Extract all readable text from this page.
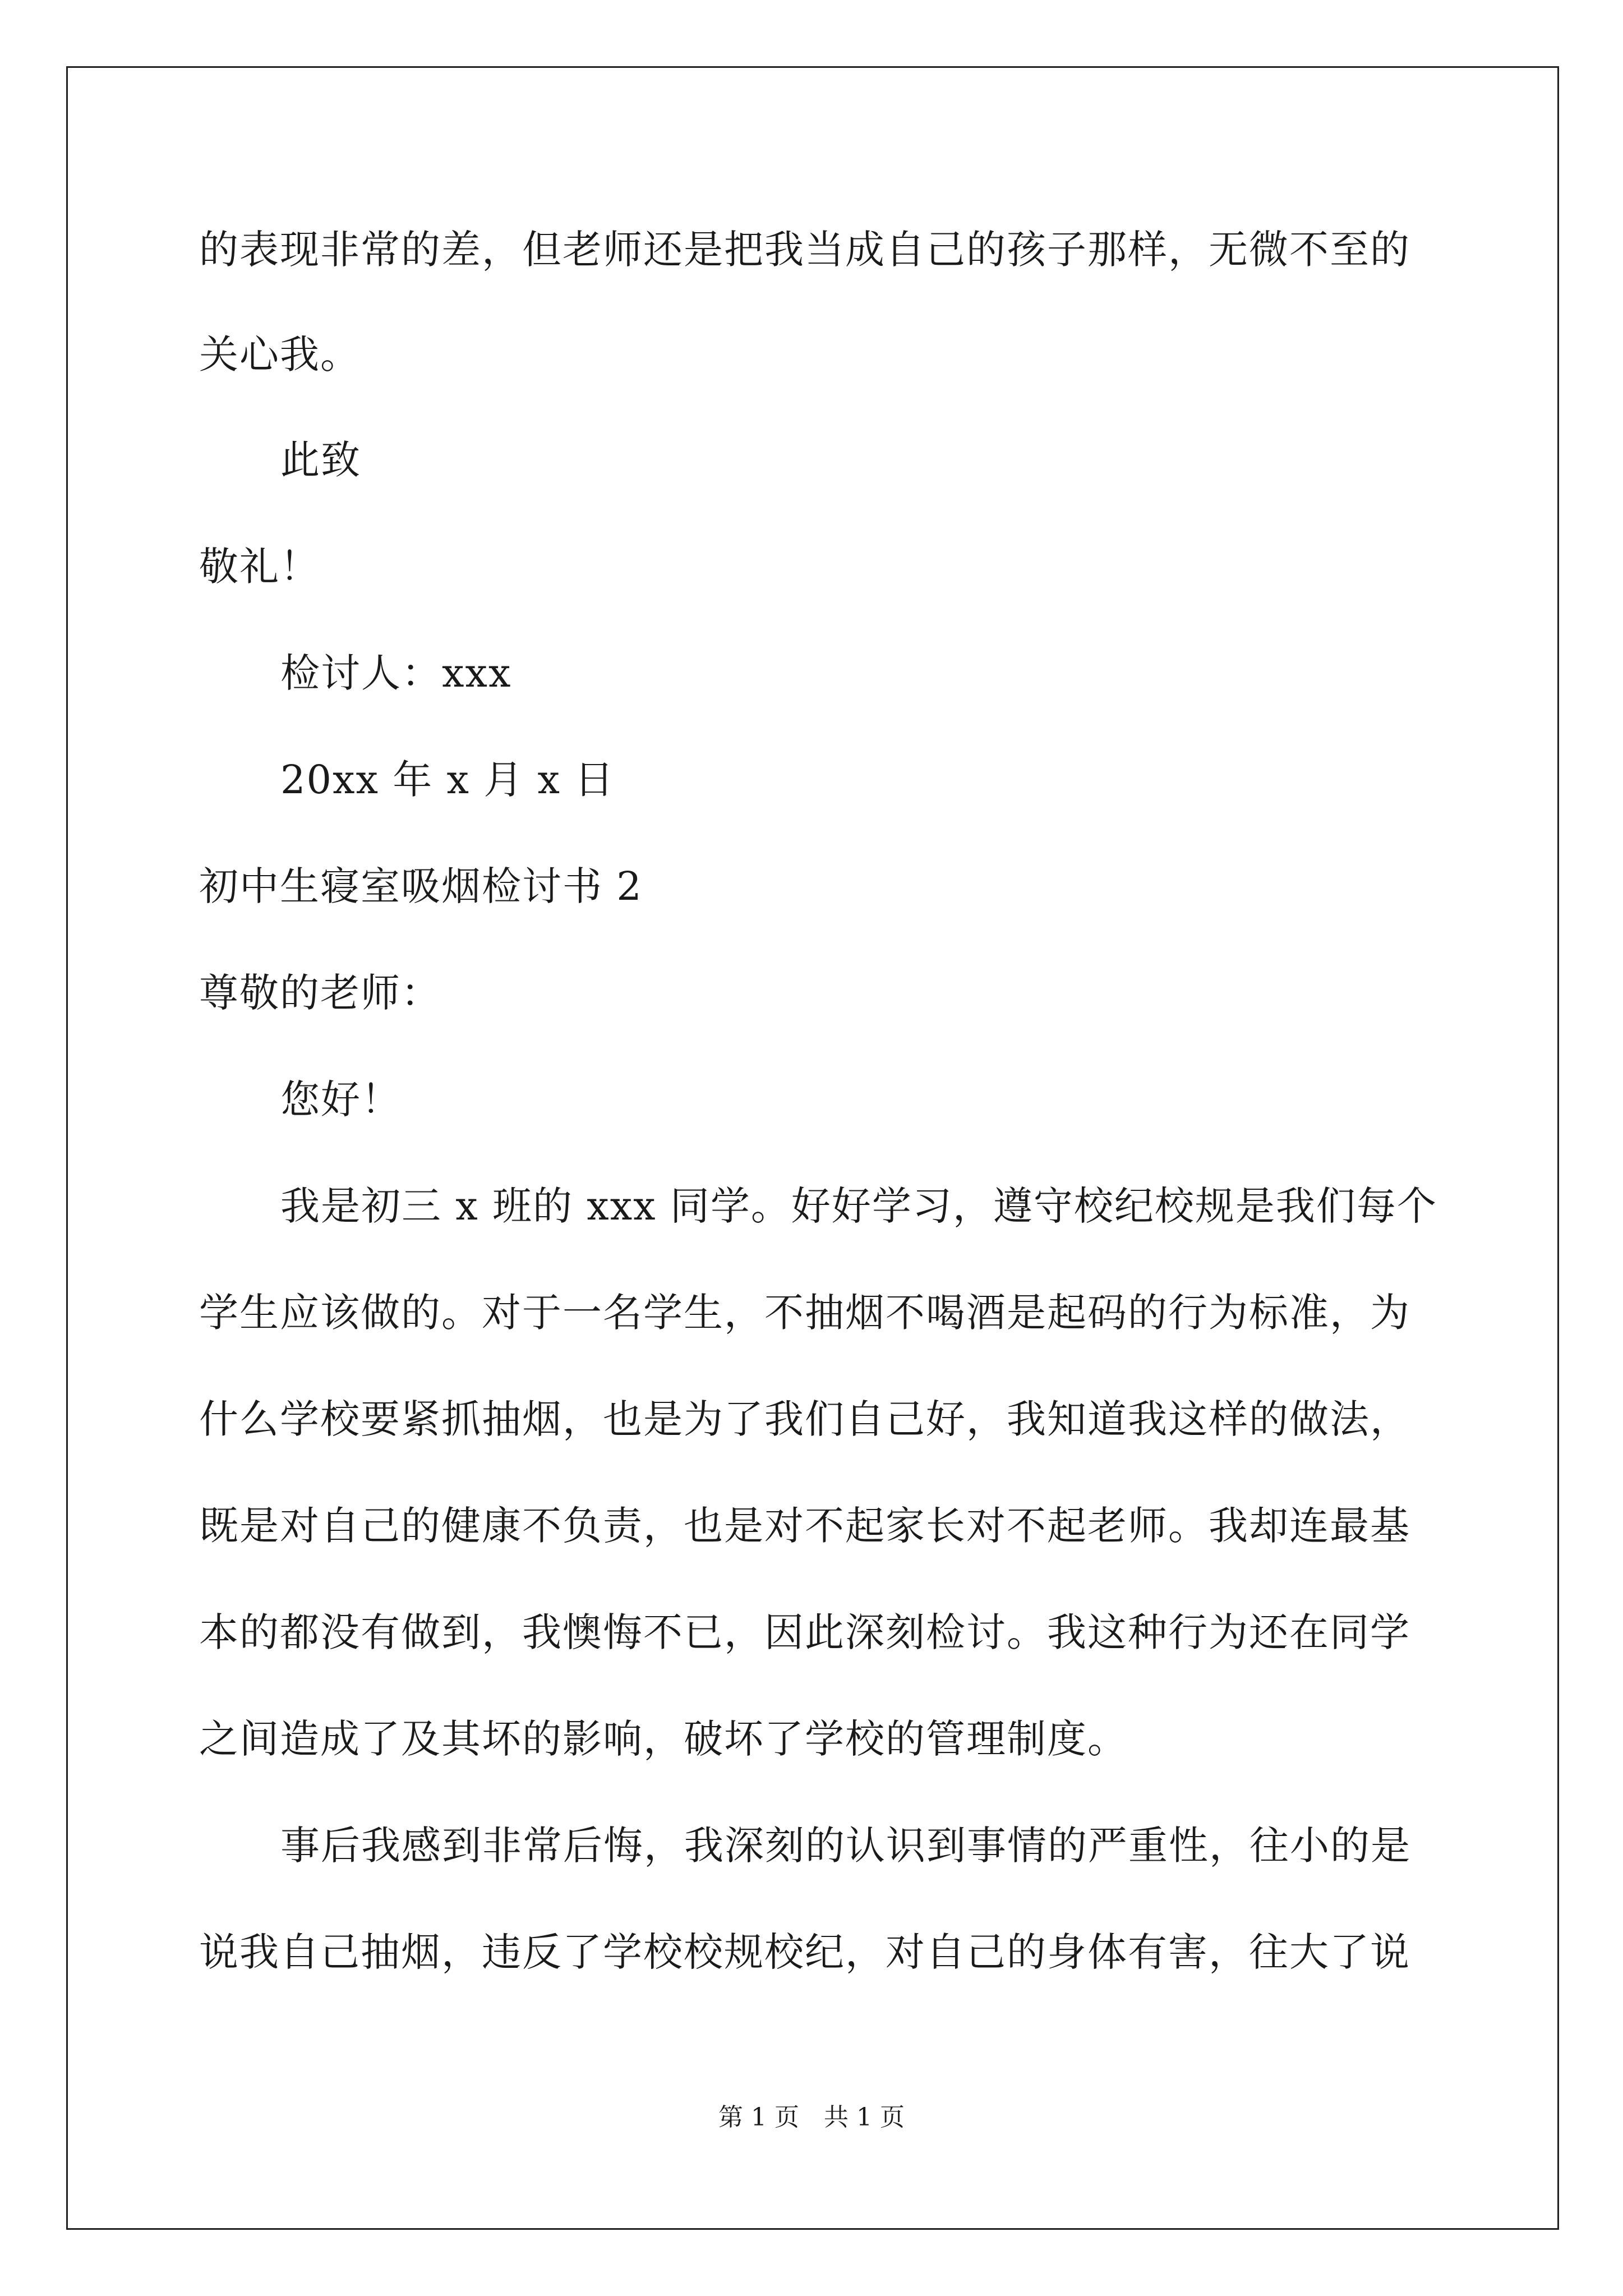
的表现非常的差，但老师还是把我当成自己的孩子那样，无微不至的

关心我。

此致

敬礼！

检讨人：xxx

20xx 年 x 月 x 日

初中生寝室吸烟检讨书 2

尊敬的老师：

您好！

我是初三 x 班的 xxx 同学。好好学习，遵守校纪校规是我们每个

学生应该做的。对于一名学生，不抽烟不喝酒是起码的行为标准，为

什么学校要紧抓抽烟，也是为了我们自己好，我知道我这样的做法，

既是对自己的健康不负责，也是对不起家长对不起老师。我却连最基

本的都没有做到，我懊悔不已，因此深刻检讨。我这种行为还在同学

之间造成了及其坏的影响，破坏了学校的管理制度。

事后我感到非常后悔，我深刻的认识到事情的严重性，往小的是

说我自己抽烟，违反了学校校规校纪，对自己的身体有害，往大了说

第 1 页　共 1 页
